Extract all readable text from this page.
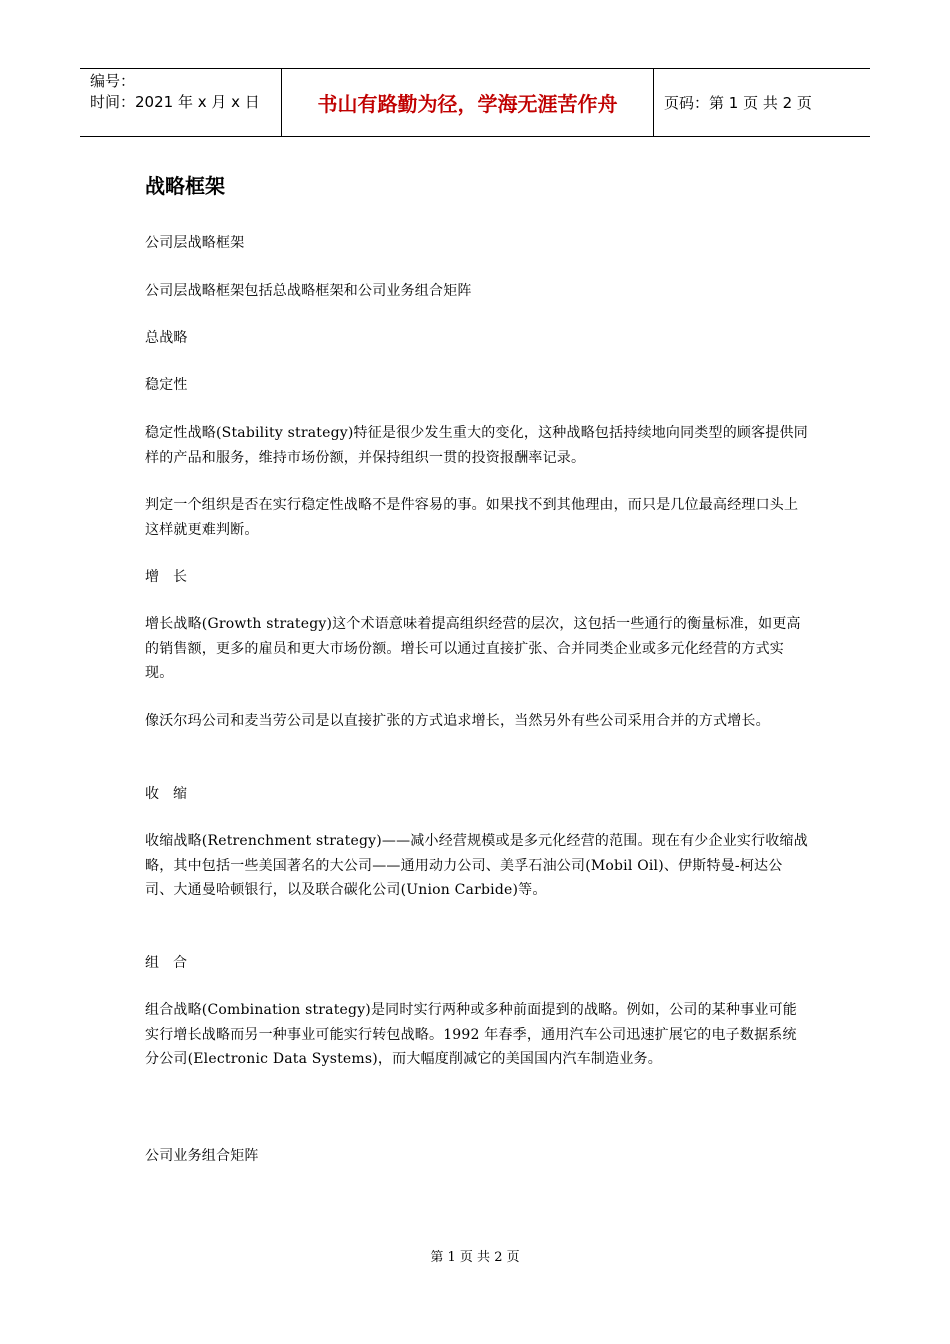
编号：
时间：2021 年 x 月 x 日	书山有路勤为径，学海无涯苦作舟	页码：第 1 页 共 2 页
战略框架

公司层战略框架

公司层战略框架包括总战略框架和公司业务组合矩阵

总战略

稳定性

稳定性战略(Stability strategy)特征是很少发生重大的变化，这种战略包括持续地向同类型的顾客提供同样的产品和服务，维持市场份额，并保持组织一贯的投资报酬率记录。

判定一个组织是否在实行稳定性战略不是件容易的事。如果找不到其他理由，而只是几位最高经理口头上这样就更难判断。

增长

增长战略(Growth strategy)这个术语意味着提高组织经营的层次，这包括一些通行的衡量标准，如更高的销售额，更多的雇员和更大市场份额。增长可以通过直接扩张、合并同类企业或多元化经营的方式实现。

像沃尔玛公司和麦当劳公司是以直接扩张的方式追求增长，当然另外有些公司采用合并的方式增长。

收缩

收缩战略(Retrenchment strategy)——减小经营规模或是多元化经营的范围。现在有少企业实行收缩战略，其中包括一些美国著名的大公司——通用动力公司、美孚石油公司(Mobil Oil)、伊斯特曼-柯达公司、大通曼哈顿银行，以及联合碳化公司(Union Carbide)等。

组合

组合战略(Combination strategy)是同时实行两种或多种前面提到的战略。例如，公司的某种事业可能实行增长战略而另一种事业可能实行转包战略。1992 年春季，通用汽车公司迅速扩展它的电子数据系统分公司(Electronic Data Systems)，而大幅度削减它的美国国内汽车制造业务。

公司业务组合矩阵

第 1 页 共 2 页
